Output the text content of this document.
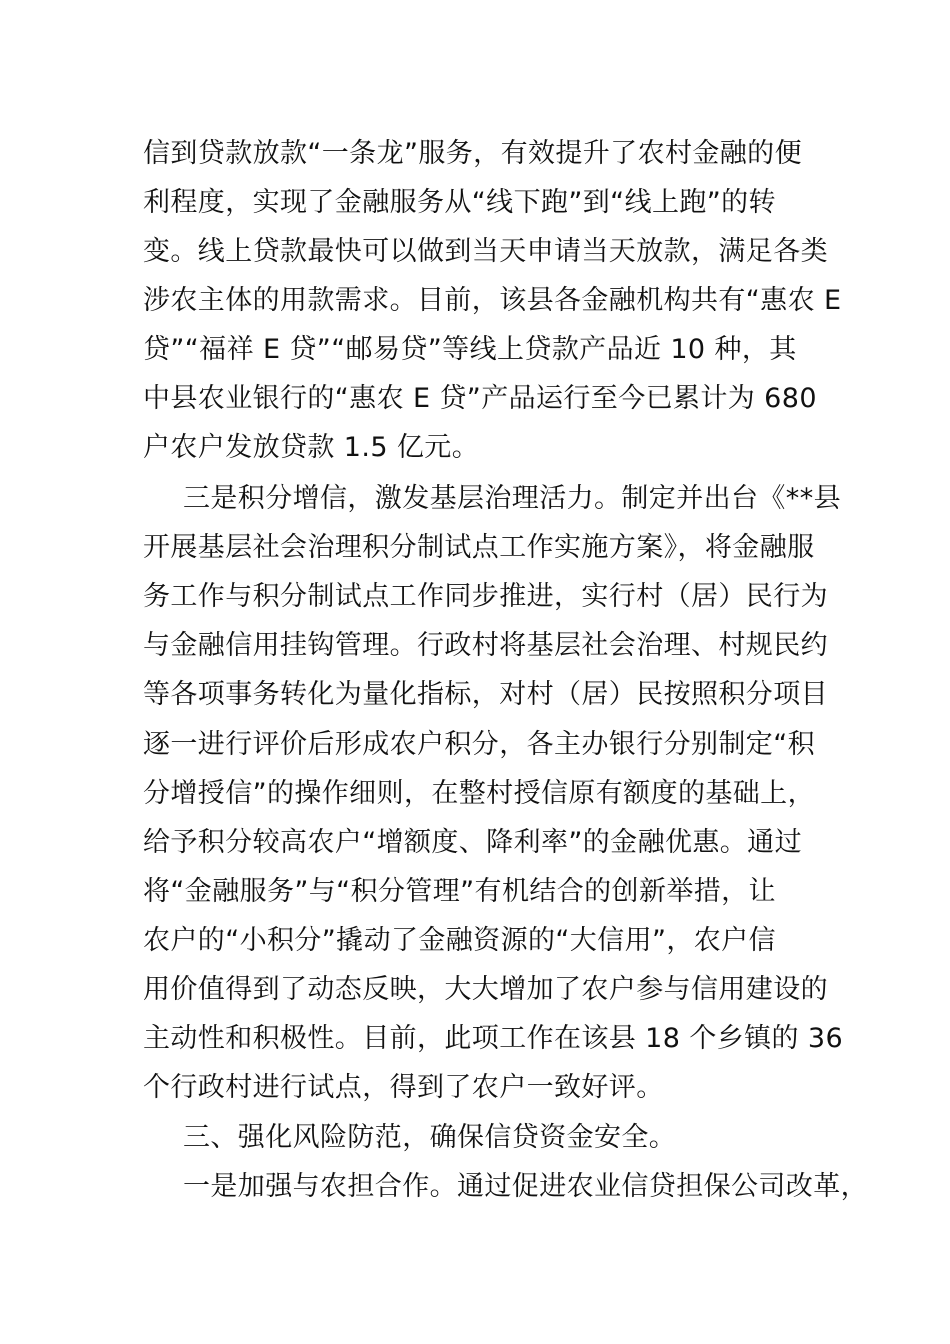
信到贷款放款“一条龙”服务，有效提升了农村金融的便
利程度，实现了金融服务从“线下跑”到“线上跑”的转
变。线上贷款最快可以做到当天申请当天放款，满足各类
涉农主体的用款需求。目前，该县各金融机构共有“惠农 E
贷”“福祥 E 贷”“邮易贷”等线上贷款产品近 10 种，其
中县农业银行的“惠农 E 贷”产品运行至今已累计为 680
户农户发放贷款 1.5 亿元。
三是积分增信，激发基层治理活力。制定并出台《**县
开展基层社会治理积分制试点工作实施方案》，将金融服
务工作与积分制试点工作同步推进，实行村（居）民行为
与金融信用挂钩管理。行政村将基层社会治理、村规民约
等各项事务转化为量化指标，对村（居）民按照积分项目
逐一进行评价后形成农户积分，各主办银行分别制定“积
分增授信”的操作细则，在整村授信原有额度的基础上，
给予积分较高农户“增额度、降利率”的金融优惠。通过
将“金融服务”与“积分管理”有机结合的创新举措，让
农户的“小积分”撬动了金融资源的“大信用”，农户信
用价值得到了动态反映，大大增加了农户参与信用建设的
主动性和积极性。目前，此项工作在该县 18 个乡镇的 36
个行政村进行试点，得到了农户一致好评。
三、强化风险防范，确保信贷资金安全。
一是加强与农担合作。通过促进农业信贷担保公司改革，
